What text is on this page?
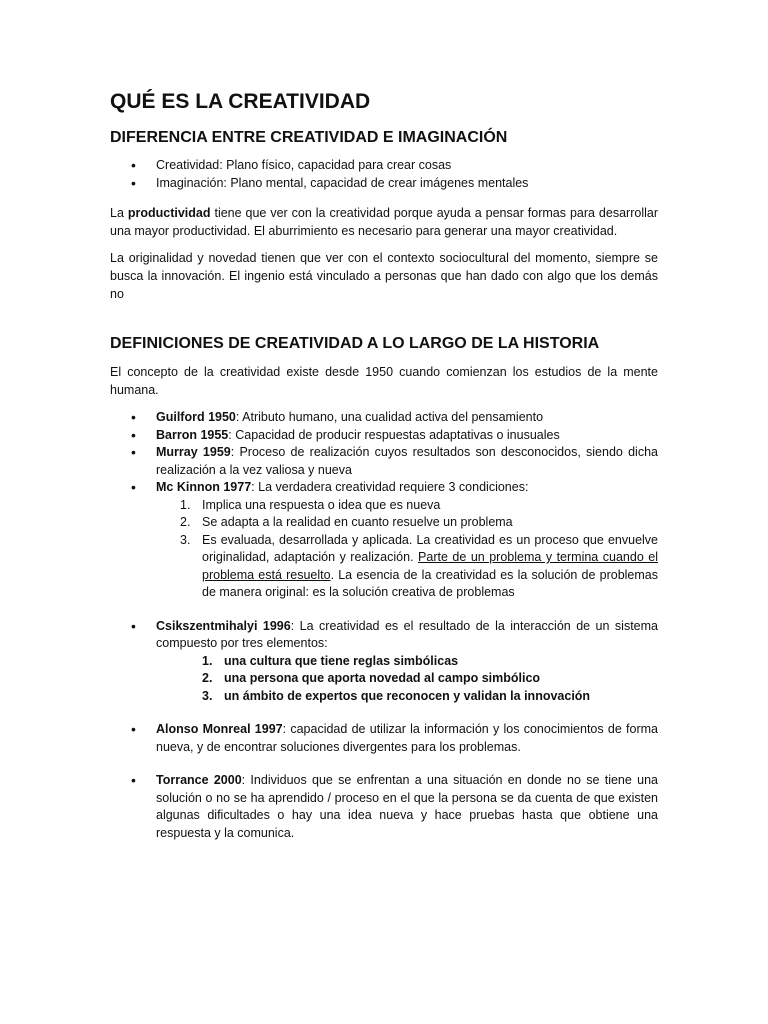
QUÉ ES LA CREATIVIDAD
DIFERENCIA ENTRE CREATIVIDAD E IMAGINACIÓN
• Creatividad: Plano físico, capacidad para crear cosas
• Imaginación: Plano mental, capacidad de crear imágenes mentales

La productividad tiene que ver con la creatividad porque ayuda a pensar formas para desarrollar una mayor productividad. El aburrimiento es necesario para generar una mayor creatividad.

La originalidad y novedad tienen que ver con el contexto sociocultural del momento, siempre se busca la innovación. El ingenio está vinculado a personas que han dado con algo que los demás no

DEFINICIONES DE CREATIVIDAD A LO LARGO DE LA HISTORIA

El concepto de la creatividad existe desde 1950 cuando comienzan los estudios de la mente humana.

• Guilford 1950: Atributo humano, una cualidad activa del pensamiento
• Barron 1955: Capacidad de producir respuestas adaptativas o inusuales
• Murray 1959: Proceso de realización cuyos resultados son desconocidos, siendo dicha realización a la vez valiosa y nueva
• Mc Kinnon 1977: La verdadera creatividad requiere 3 condiciones:
1. Implica una respuesta o idea que es nueva
2. Se adapta a la realidad en cuanto resuelve un problema
3. Es evaluada, desarrollada y aplicada. La creatividad es un proceso que envuelve originalidad, adaptación y realización. Parte de un problema y termina cuando el problema está resuelto. La esencia de la creatividad es la solución de problemas de manera original: es la solución creativa de problemas
• Csikszentmihalyi 1996: La creatividad es el resultado de la interacción de un sistema compuesto por tres elementos:
1. una cultura que tiene reglas simbólicas
2. una persona que aporta novedad al campo simbólico
3. un ámbito de expertos que reconocen y validan la innovación
• Alonso Monreal 1997: capacidad de utilizar la información y los conocimientos de forma nueva, y de encontrar soluciones divergentes para los problemas.
• Torrance 2000: Individuos que se enfrentan a una situación en donde no se tiene una solución o no se ha aprendido / proceso en el que la persona se da cuenta de que existen algunas dificultades o hay una idea nueva y hace pruebas hasta que obtiene una respuesta y la comunica.
